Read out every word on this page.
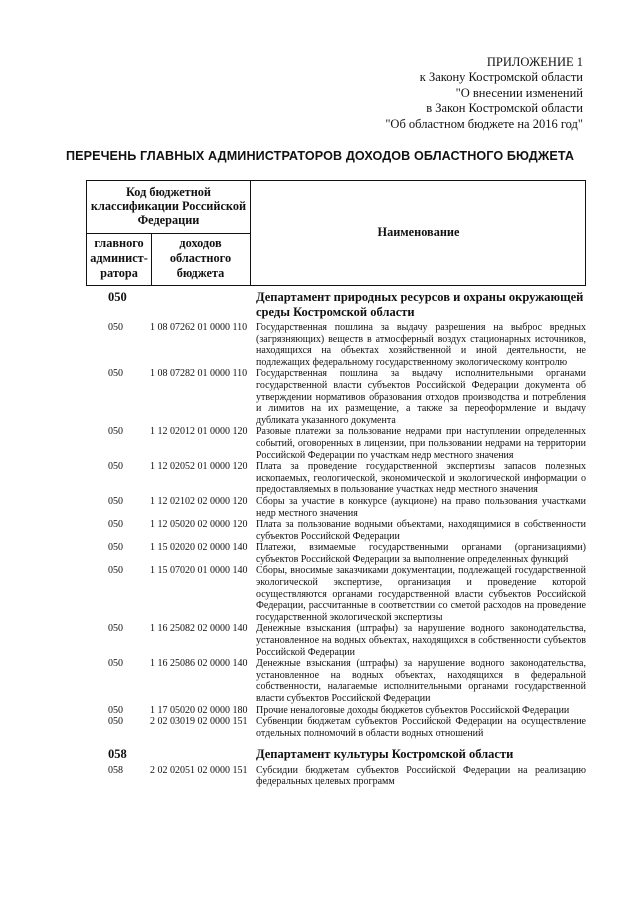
ПРИЛОЖЕНИЕ 1
к Закону Костромской области
"О внесении изменений
в Закон Костромской области
"Об областном бюджете на 2016 год"
ПЕРЕЧЕНЬ ГЛАВНЫХ АДМИНИСТРАТОРОВ ДОХОДОВ ОБЛАСТНОГО БЮДЖЕТА
Код бюджетной классификации Российской Федерации
главного админист-ратора
доходов областного бюджета
Наименование
050	Департамент природных ресурсов и охраны окружающей среды Костромской области
050	1 08 07262 01 0000 110 Государственная пошлина за выдачу разрешения на выброс вредных (загрязняющих) веществ в атмосферный воздух стационарных источников, находящихся на объектах хозяйственной и иной деятельности, не подлежащих федеральному государственному экологическому контролю
050	1 08 07282 01 0000 110 Государственная пошлина за выдачу исполнительными органами государственной власти субъектов Российской Федерации документа об утверждении нормативов образования отходов производства и потребления и лимитов на их размещение, а также за переоформление и выдачу дубликата указанного документа
050	1 12 02012 01 0000 120 Разовые платежи за пользование недрами при наступлении определенных событий, оговоренных в лицензии, при пользовании недрами на территории Российской Федерации по участкам недр местного значения
050	1 12 02052 01 0000 120 Плата за проведение государственной экспертизы запасов полезных ископаемых, геологической, экономической и экологической информации о предоставляемых в пользование участках недр местного значения
050	1 12 02102 02 0000 120 Сборы за участие в конкурсе (аукционе) на право пользования участками недр местного значения
050	1 12 05020 02 0000 120 Плата за пользование водными объектами, находящимися в собственности субъектов Российской Федерации
050	1 15 02020 02 0000 140 Платежи, взимаемые государственными органами (организациями) субъектов Российской Федерации за выполнение определенных функций
050	1 15 07020 01 0000 140 Сборы, вносимые заказчиками документации, подлежащей государственной экологической экспертизе, организация и проведение которой осуществляются органами государственной власти субъектов Российской Федерации, рассчитанные в соответствии со сметой расходов на проведение государственной экологической экспертизы
050	1 16 25082 02 0000 140 Денежные взыскания (штрафы) за нарушение водного законодательства, установленное на водных объектах, находящихся в собственности субъектов Российской Федерации
050	1 16 25086 02 0000 140 Денежные взыскания (штрафы) за нарушение водного законодательства, установленное на водных объектах, находящихся в федеральной собственности, налагаемые исполнительными органами государственной власти субъектов Российской Федерации
050	1 17 05020 02 0000 180 Прочие неналоговые доходы бюджетов субъектов Российской Федерации
050	2 02 03019 02 0000 151 Субвенции бюджетам субъектов Российской Федерации на осуществление отдельных полномочий в области водных отношений
058	Департамент культуры Костромской области
058	2 02 02051 02 0000 151 Субсидии бюджетам субъектов Российской Федерации на реализацию федеральных целевых программ
